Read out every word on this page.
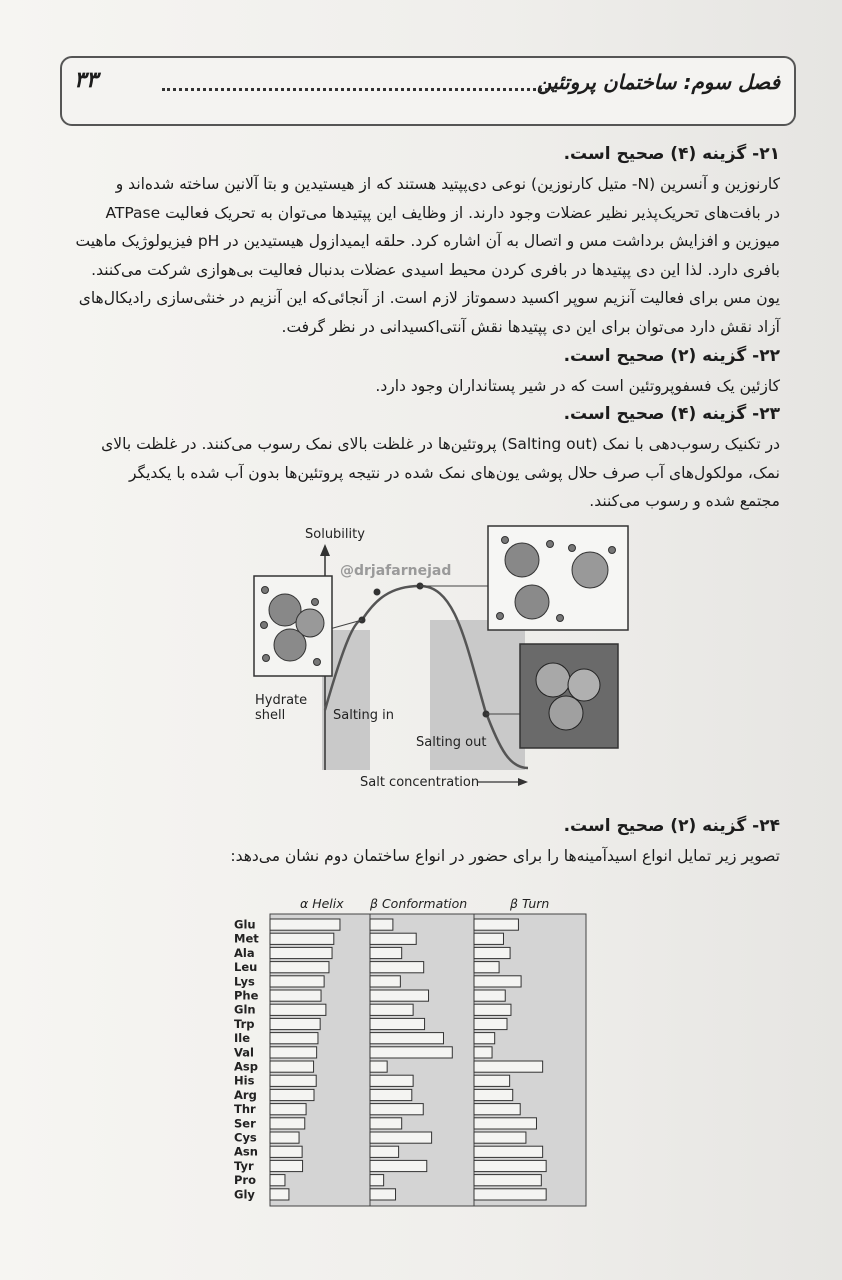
فصل سوم: ساختمان پروتئین
۳۳
۲۱- گزینه (۴) صحیح است.
کارنوزین و آنسرین (N- متیل کارنوزین) نوعی دی‌پپتید هستند که از هیستیدین و بتا آلانین ساخته شده‌اند و
در بافت‌های تحریک‌پذیر نظیر عضلات وجود دارند. از وظایف این پپتیدها می‌توان به تحریک فعالیت ATPase
میوزین و افزایش برداشت مس و اتصال به آن اشاره کرد. حلقه ایمیدازول هیستیدین در pH فیزیولوژیک ماهیت
بافری دارد. لذا این دی پپتیدها در بافری کردن محیط اسیدی عضلات بدنبال فعالیت بی‌هوازی شرکت می‌کنند.
یون مس برای فعالیت آنزیم سوپر اکسید دسموتاز لازم است. از آنجائی‌که این آنزیم در خنثی‌سازی رادیکال‌های
آزاد نقش دارد می‌توان برای این دی پپتیدها نقش آنتی‌اکسیدانی در نظر گرفت.
۲۲- گزینه (۲) صحیح است.
کازئین یک فسفوپروتئین است که در شیر پستانداران وجود دارد.
۲۳- گزینه (۴) صحیح است.
در تکنیک رسوب‌دهی با نمک (Salting out) پروتئین‌ها در غلظت بالای نمک رسوب می‌کنند. در غلظت بالای
نمک، مولکول‌های آب صرف حلال پوشی یون‌های نمک شده در نتیجه پروتئین‌ها بدون آب شده با یکدیگر
مجتمع شده و رسوب می‌کنند.
Solubility
@drjafarnejad
Hydrate shell	Salting in
Salting out
Salt concentration
۲۴- گزینه (۲) صحیح است.
تصویر زیر تمایل انواع اسیدآمینه‌ها را برای حضور در انواع ساختمان دوم نشان می‌دهد:
α Helix β Conformation	β Turn
Glu
Met
Ala
Leu
Lys
Phe
Gln
Trp
Ile
Val
Asp
His
Arg
Thr
Ser
Cys
Asn
Tyr
Pro
Gly
